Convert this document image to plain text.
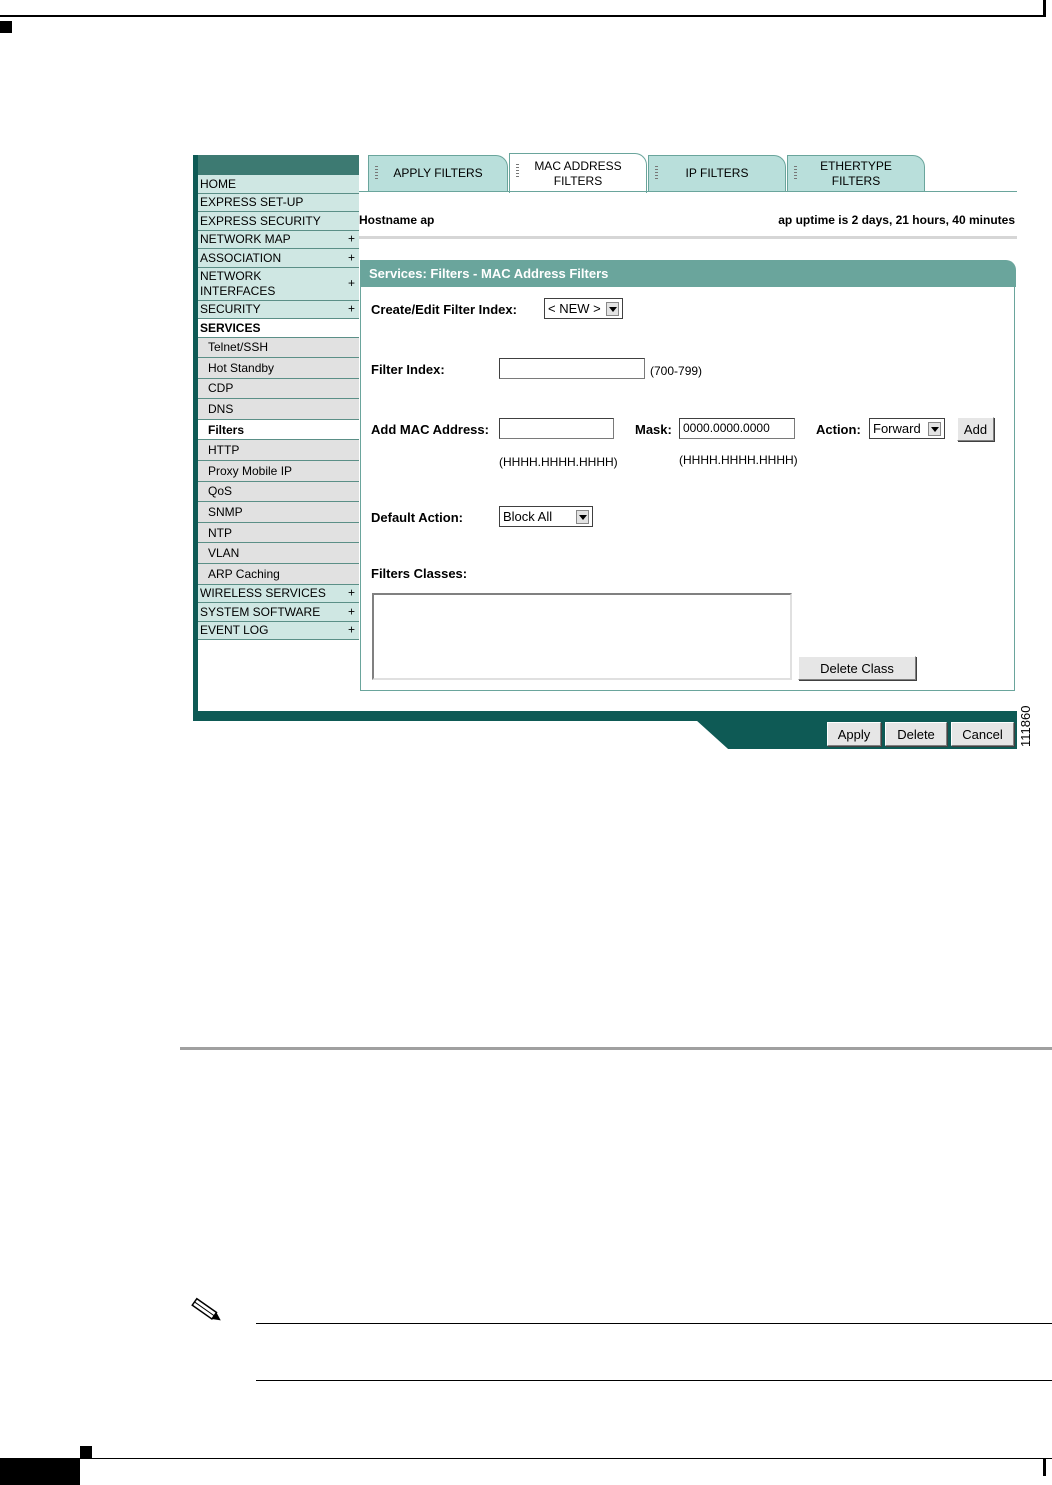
HOME
EXPRESS SET-UP
EXPRESS SECURITY
NETWORK MAP	+
ASSOCIATION	+
NETWORK INTERFACES
+
SECURITY	+
SERVICES
Telnet/SSH
Hot Standby
CDP
DNS
Filters
HTTP
Proxy Mobile IP
QoS
SNMP
NTP
VLAN
ARP Caching
WIRELESS SERVICES +
SYSTEM SOFTWARE +
EVENT LOG	+
APPLY FILTERS
MAC ADDRESS
FILTERS
IP FILTERS
ETHERTYPE
FILTERS
Hostname ap	ap uptime is 2 days, 21 hours, 40 minutes
Services: Filters - MAC Address Filters
Create/Edit Filter Index: < NEW >
Filter Index:	(700-799)
Add MAC Address:	Mask: 0000.0000.0000	Action: Forward	Add
(HHHH.HHHH.HHHH)	(HHHH.HHHH.HHHH)
Default Action:	Block All
Filters Classes:
Delete Class
Apply	Delete	Cancel	111860
